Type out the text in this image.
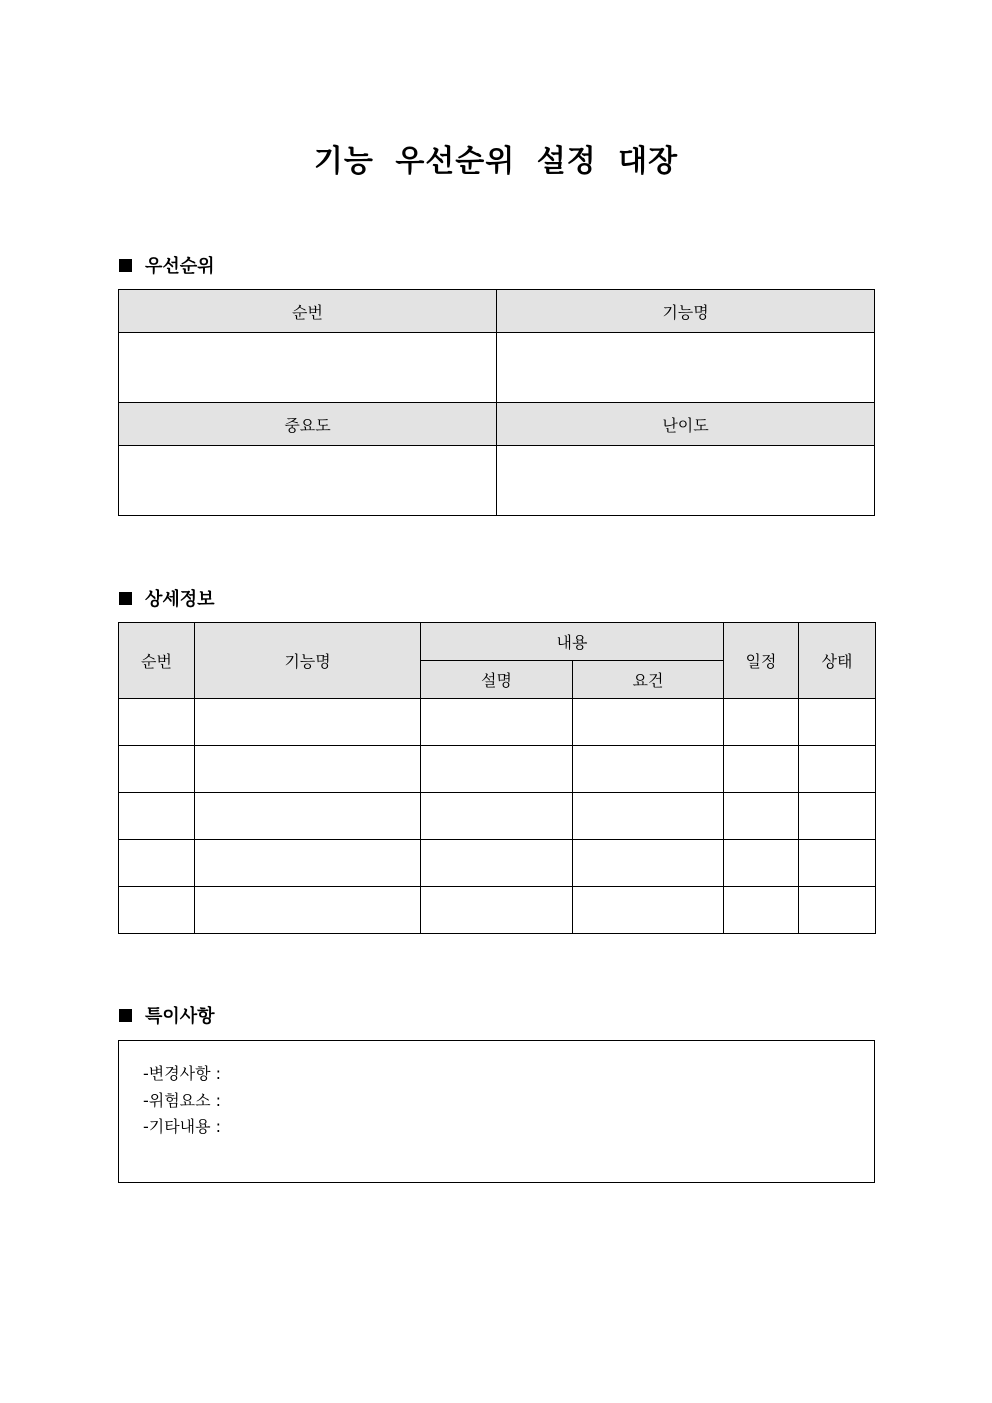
기능 우선순위 설정 대장
우선순위
순번	기능명

중요도	난이도

상세정보
순번	기능명	내용		일정	상태
		설명	요건		

특이사항
-변경사항 :
-위험요소 :
-기타내용 :
